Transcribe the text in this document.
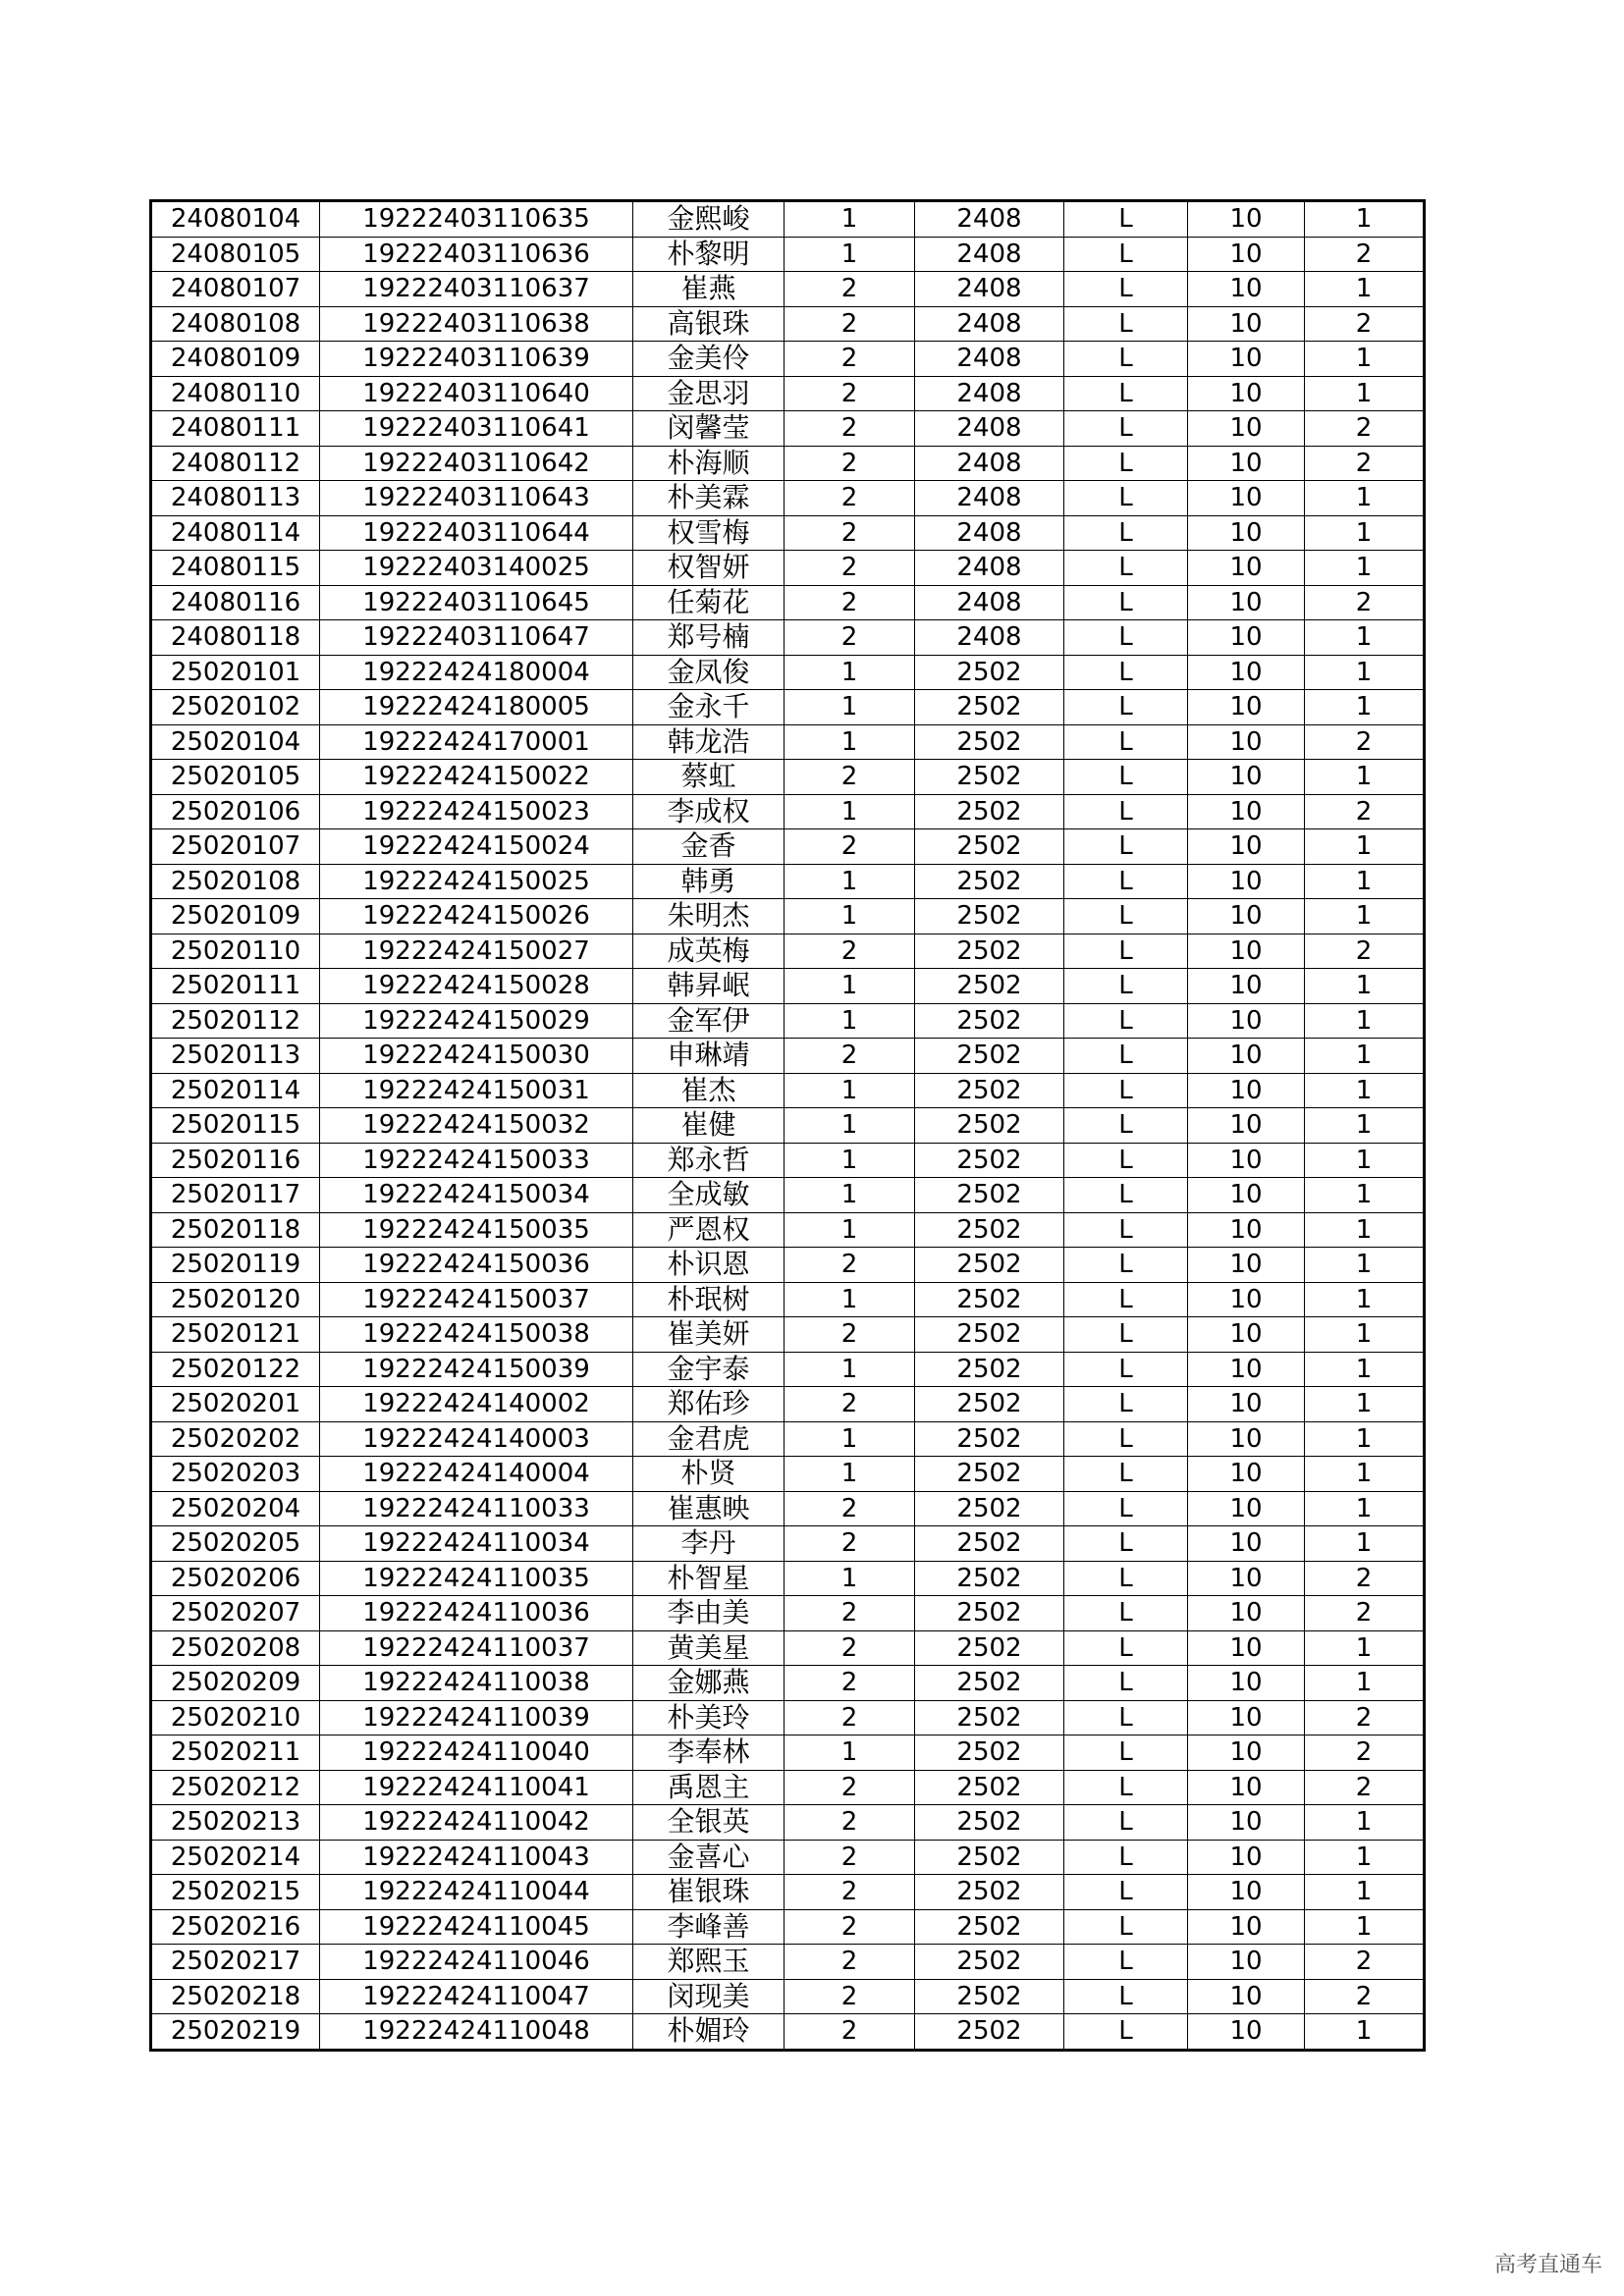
24080104	19222403110635	金熙峻	1	2408	L	10	1
24080105	19222403110636	朴黎明	1	2408	L	10	2
24080107	19222403110637	崔燕	2	2408	L	10	1
24080108	19222403110638	高银珠	2	2408	L	10	2
24080109	19222403110639	金美伶	2	2408	L	10	1
24080110	19222403110640	金思羽	2	2408	L	10	1
24080111	19222403110641	闵馨莹	2	2408	L	10	2
24080112	19222403110642	朴海顺	2	2408	L	10	2
24080113	19222403110643	朴美霖	2	2408	L	10	1
24080114	19222403110644	权雪梅	2	2408	L	10	1
24080115	19222403140025	权智妍	2	2408	L	10	1
24080116	19222403110645	任菊花	2	2408	L	10	2
24080118	19222403110647	郑号楠	2	2408	L	10	1
25020101	19222424180004	金凤俊	1	2502	L	10	1
25020102	19222424180005	金永千	1	2502	L	10	1
25020104	19222424170001	韩龙浩	1	2502	L	10	2
25020105	19222424150022	蔡虹	2	2502	L	10	1
25020106	19222424150023	李成权	1	2502	L	10	2
25020107	19222424150024	金香	2	2502	L	10	1
25020108	19222424150025	韩勇	1	2502	L	10	1
25020109	19222424150026	朱明杰	1	2502	L	10	1
25020110	19222424150027	成英梅	2	2502	L	10	2
25020111	19222424150028	韩昇岷	1	2502	L	10	1
25020112	19222424150029	金军伊	1	2502	L	10	1
25020113	19222424150030	申琳靖	2	2502	L	10	1
25020114	19222424150031	崔杰	1	2502	L	10	1
25020115	19222424150032	崔健	1	2502	L	10	1
25020116	19222424150033	郑永哲	1	2502	L	10	1
25020117	19222424150034	全成敏	1	2502	L	10	1
25020118	19222424150035	严恩权	1	2502	L	10	1
25020119	19222424150036	朴识恩	2	2502	L	10	1
25020120	19222424150037	朴珉树	1	2502	L	10	1
25020121	19222424150038	崔美妍	2	2502	L	10	1
25020122	19222424150039	金宇泰	1	2502	L	10	1
25020201	19222424140002	郑佑珍	2	2502	L	10	1
25020202	19222424140003	金君虎	1	2502	L	10	1
25020203	19222424140004	朴贤	1	2502	L	10	1
25020204	19222424110033	崔惠映	2	2502	L	10	1
25020205	19222424110034	李丹	2	2502	L	10	1
25020206	19222424110035	朴智星	1	2502	L	10	2
25020207	19222424110036	李由美	2	2502	L	10	2
25020208	19222424110037	黄美星	2	2502	L	10	1
25020209	19222424110038	金娜燕	2	2502	L	10	1
25020210	19222424110039	朴美玲	2	2502	L	10	2
25020211	19222424110040	李奉林	1	2502	L	10	2
25020212	19222424110041	禹恩主	2	2502	L	10	2
25020213	19222424110042	全银英	2	2502	L	10	1
25020214	19222424110043	金喜心	2	2502	L	10	1
25020215	19222424110044	崔银珠	2	2502	L	10	1
25020216	19222424110045	李峰善	2	2502	L	10	1
25020217	19222424110046	郑熙玉	2	2502	L	10	2
25020218	19222424110047	闵现美	2	2502	L	10	2
25020219	19222424110048	朴媚玲	2	2502	L	10	1
高考直通车
